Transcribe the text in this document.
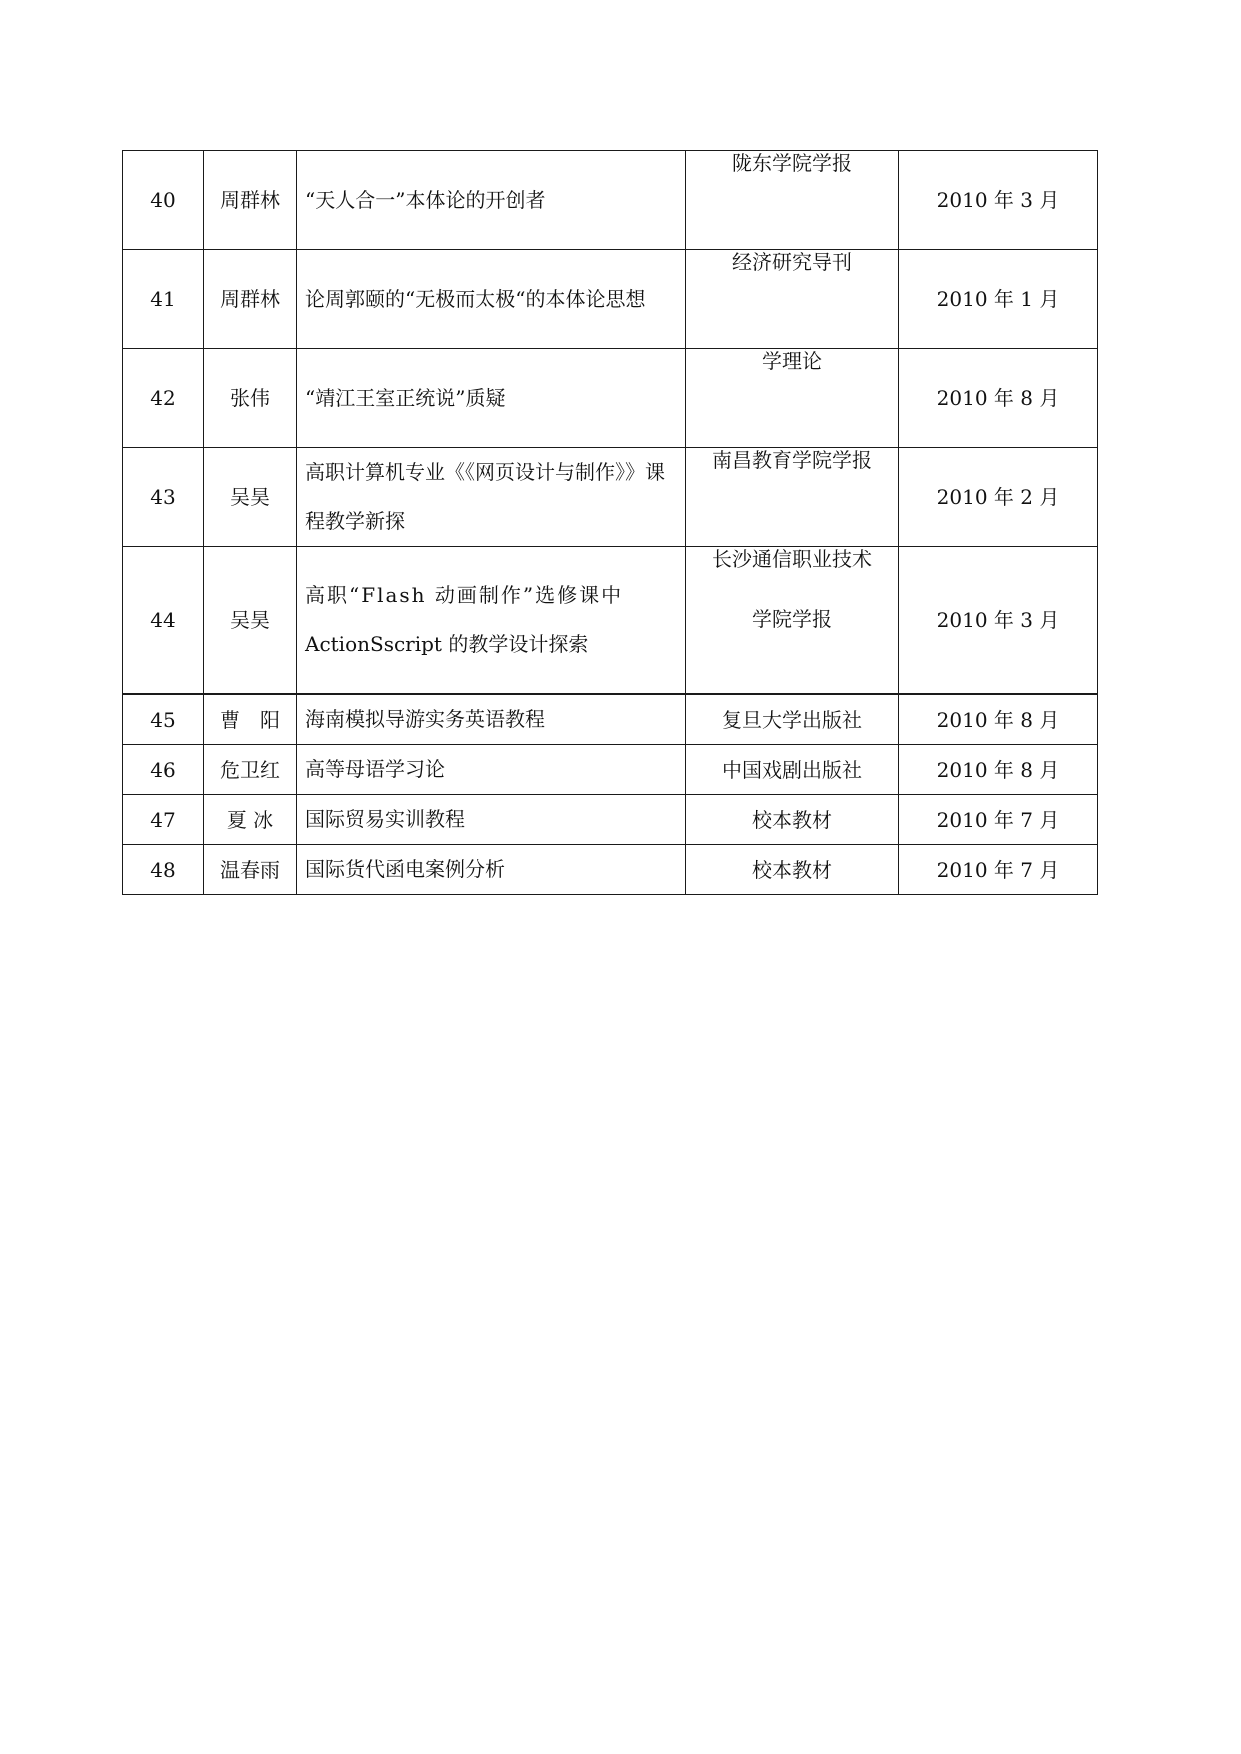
40	周群林	“天人合一”本体论的开创者	陇东学院学报	2010 年 3 月
41	周群林	论周郭颐的“无极而太极“的本体论思想	经济研究导刊	2010 年 1 月
42	张伟	“靖江王室正统说”质疑	学理论	2010 年 8 月
43	吴昊	高职计算机专业《《网页设计与制作》》课
程教学新探	南昌教育学院学报	2010 年 2 月
44	吴昊	高职“Flash 动画制作”选修课中
ActionSscript 的教学设计探索	长沙通信职业技术
学院学报	2010 年 3 月
45	曹　阳	海南模拟导游实务英语教程	复旦大学出版社	2010 年 8 月
46	危卫红	高等母语学习论	中国戏剧出版社	2010 年 8 月
47	夏 冰	国际贸易实训教程	校本教材	2010 年 7 月
48	温春雨	国际货代函电案例分析	校本教材	2010 年 7 月
